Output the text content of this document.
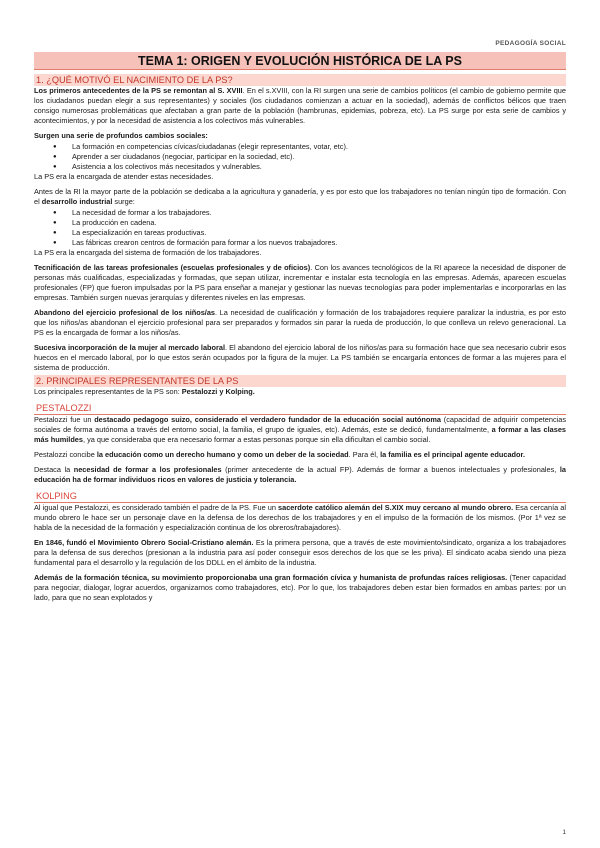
PEDAGOGÍA SOCIAL
TEMA 1: ORIGEN Y EVOLUCIÓN HISTÓRICA DE LA PS
1. ¿QUÉ MOTIVÓ EL NACIMIENTO DE LA PS?

Los primeros antecedentes de la PS se remontan al S. XVIII. En el s.XVIII, con la RI surgen una serie de cambios políticos (el cambio de gobierno permite que los ciudadanos puedan elegir a sus representantes) y sociales (los ciudadanos comienzan a actuar en la sociedad), además de conflictos bélicos que traen consigo numerosas problemáticas que afectaban a gran parte de la población (hambrunas, epidemias, pobreza, etc). La PS surge por esta serie de cambios y acontecimientos, y por la necesidad de asistencia a los colectivos más vulnerables.

Surgen una serie de profundos cambios sociales:

● La formación en competencias cívicas/ciudadanas (elegir representantes, votar, etc).
● Aprender a ser ciudadanos (negociar, participar en la sociedad, etc).
● Asistencia a los colectivos más necesitados y vulnerables.

La PS era la encargada de atender estas necesidades.

Antes de la RI la mayor parte de la población se dedicaba a la agricultura y ganadería, y es por esto que los trabajadores no tenían ningún tipo de formación. Con el desarrollo industrial surge:

● La necesidad de formar a los trabajadores.
● La producción en cadena.
● La especialización en tareas productivas.
● Las fábricas crearon centros de formación para formar a los nuevos trabajadores.

La PS era la encargada del sistema de formación de los trabajadores.

Tecnificación de las tareas profesionales (escuelas profesionales y de oficios). Con los avances tecnológicos de la RI aparece la necesidad de disponer de personas más cualificadas, especializadas y formadas, que sepan utilizar, incrementar e instalar esta tecnología en las empresas. Además, aparecen escuelas profesionales (FP) que fueron impulsadas por la PS para enseñar a manejar y gestionar las nuevas tecnologías para poder implementarlas e incorporarlas en las empresas. También surgen nuevas jerarquías y diferentes niveles en las empresas.

Abandono del ejercicio profesional de los niños/as. La necesidad de cualificación y formación de los trabajadores requiere paralizar la industria, es por esto que los niños/as abandonan el ejercicio profesional para ser preparados y formados sin parar la rueda de producción, lo que conlleva un relevo generacional. La PS es la encargada de formar a los niños/as.

Sucesiva incorporación de la mujer al mercado laboral. El abandono del ejercicio laboral de los niños/as para su formación hace que sea necesario cubrir esos huecos en el mercado laboral, por lo que estos serán ocupados por la figura de la mujer. La PS también se encargaría entonces de formar a las mujeres para el sistema de producción.

2. PRINCIPALES REPRESENTANTES DE LA PS

Los principales representantes de la PS son: Pestalozzi y Kolping.

PESTALOZZI

Pestalozzi fue un destacado pedagogo suizo, considerado el verdadero fundador de la educación social autónoma (capacidad de adquirir competencias sociales de forma autónoma a través del entorno social, la familia, el grupo de iguales, etc). Además, este se dedicó, fundamentalmente, a formar a las clases más humildes, ya que consideraba que era necesario formar a estas personas porque sin ella dificultan el cambio social.

Pestalozzi concibe la educación como un derecho humano y como un deber de la sociedad. Para él, la familia es el principal agente educador.

Destaca la necesidad de formar a los profesionales (primer antecedente de la actual FP). Además de formar a buenos intelectuales y profesionales, la educación ha de formar individuos ricos en valores de justicia y tolerancia.

KOLPING

Al igual que Pestalozzi, es considerado también el padre de la PS. Fue un sacerdote católico alemán del S.XIX muy cercano al mundo obrero. Esa cercanía al mundo obrero le hace ser un personaje clave en la defensa de los derechos de los trabajadores y en el impulso de la formación de los mismos. (Por 1ª vez se habla de la necesidad de la formación y especialización continua de los obreros/trabajadores).

En 1846, fundó el Movimiento Obrero Social-Cristiano alemán. Es la primera persona, que a través de este movimiento/sindicato, organiza a los trabajadores para la defensa de sus derechos (presionan a la industria para así poder conseguir esos derechos de los que se les priva). El sindicato acaba siendo una pieza fundamental para el desarrollo y la regulación de los DDLL en el ámbito de la industria.

Además de la formación técnica, su movimiento proporcionaba una gran formación cívica y humanista de profundas raíces religiosas. (Tener capacidad para negociar, dialogar, lograr acuerdos, organizarnos como trabajadores, etc). Por lo que, los trabajadores deben estar bien formados en ambas partes: por un lado, para que no sean explotados y

1
